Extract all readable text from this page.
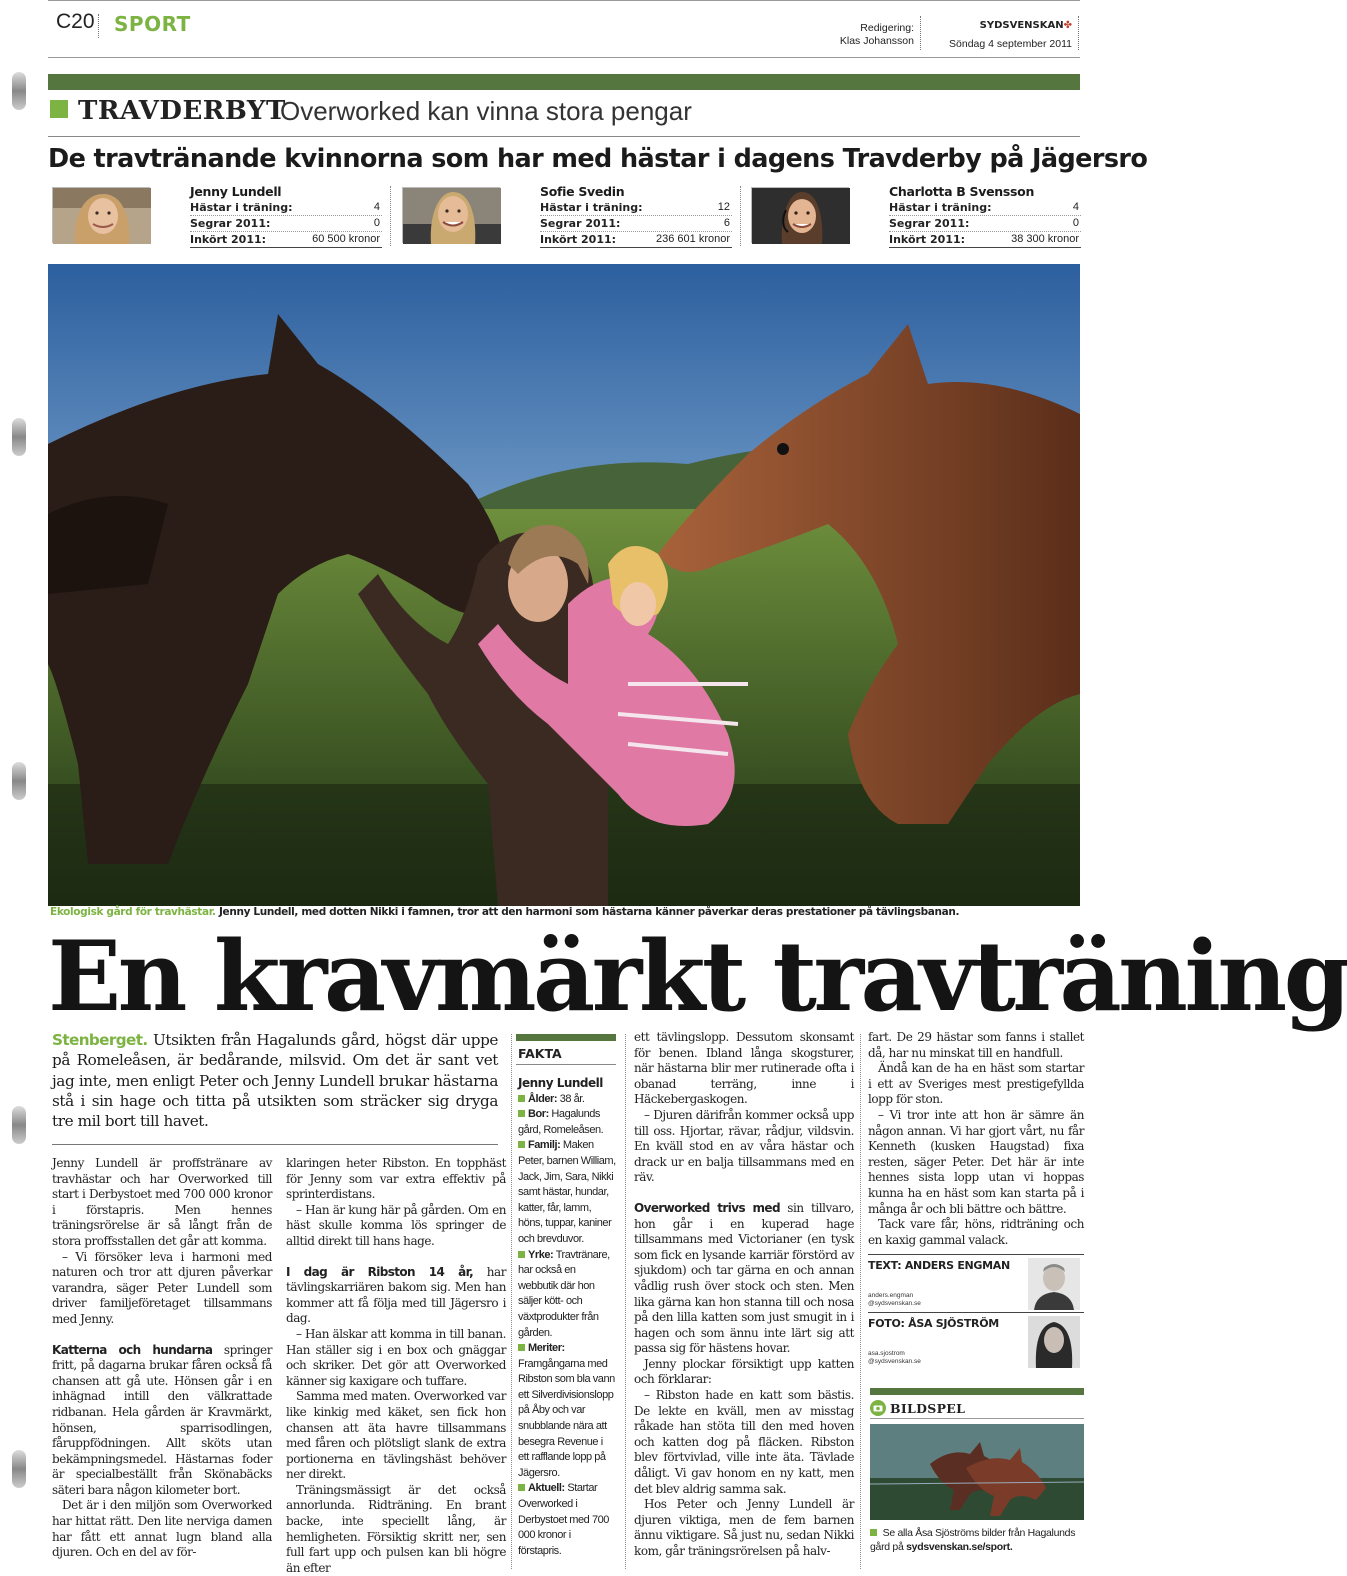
C20 SPORT	Redigering:
Klas Johansson
SYDSVENSKAN✤
Söndag 4 september 2011
TRAVDERBYT
Overworked kan vinna stora pengar
De travtränande kvinnorna som har med hästar i dagens Travderby på Jägersro
Jenny Lundell
Hästar i träning:	4
Segrar 2011:	0
Inkört 2011:	60 500 kronor
Sofie Svedin
Hästar i träning:	12
Segrar 2011:	6
Inkört 2011:	236 601 kronor
Charlotta B Svensson
Hästar i träning:	4
Segrar 2011:	0
Inkört 2011:	38 300 kronor
Ekologisk gård för travhästar. Jenny Lundell, med dotten Nikki i famnen, tror att den harmoni som hästarna känner påverkar deras prestationer på tävlingsbanan.
En kravmärkt travträning
Stenberget. Utsikten från Hagalunds gård, högst där uppe på Romeleåsen, är bedårande, milsvid. Om det är sant vet jag inte, men enligt Peter och Jenny Lundell brukar hästarna stå i sin hage och titta på utsikten som sträcker sig dryga tre mil bort till havet.

Jenny Lundell är proffstränare av travhästar och har Overworked till start i Derbystoet med 700 000 kronor i förstapris. Men hennes träningsrörelse är så långt från de stora proffsstallen det går att komma.

– Vi försöker leva i harmoni med naturen och tror att djuren påverkar varandra, säger Peter Lundell som driver familjeföretaget tillsammans med Jenny.

Katterna och hundarna springer fritt, på dagarna brukar fåren också få chansen att gå ute. Hönsen går i en inhägnad intill den välkrattade ridbanan. Hela gården är Kravmärkt, hönsen, sparrisodlingen, fåruppfödningen. Allt sköts utan bekämpningsmedel. Hästarnas foder är specialbeställt från Skönabäcks säteri bara någon kilometer bort.

Det är i den miljön som Overworked har hittat rätt. Den lite nerviga damen har fått ett annat lugn bland alla djuren. Och en del av för-

klaringen heter Ribston. En topphäst för Jenny som var extra effektiv på sprinterdistans.

– Han är kung här på gården. Om en häst skulle komma lös springer de alltid direkt till hans hage.

I dag är Ribston 14 år, har tävlingskarriären bakom sig. Men han kommer att få följa med till Jägersro i dag.

– Han älskar att komma in till banan. Han ställer sig i en box och gnäggar och skriker. Det gör att Overworked känner sig kaxigare och tuffare.

Samma med maten. Overworked var like kinkig med käket, sen fick hon chansen att äta havre tillsammans med fåren och plötsligt slank de extra portionerna en tävlingshäst behöver ner direkt.

Träningsmässigt är det också annorlunda. Ridträning. En brant backe, inte speciellt lång, är hemligheten. Försiktig skritt ner, sen full fart upp och pulsen kan bli högre än efter

FAKTA
Jenny Lundell
Ålder: 38 år.
Bor: Hagalunds gård, Romeleåsen.
Familj: Maken Peter, barnen William, Jack, Jim, Sara, Nikki samt hästar, hundar, katter, får, lamm, höns, tuppar, kaniner och brevduvor.
Yrke: Travtränare, har också en webbutik där hon säljer kött- och växtprodukter från gården.
Meriter: Framgångarna med Ribston som bla vann ett Silverdivisionslopp på Åby och var snubblande nära att besegra Revenue i ett rafflande lopp på Jägersro.
Aktuell: Startar Overworked i Derbystoet med 700 000 kronor i förstapris.

ett tävlingslopp. Dessutom skonsamt för benen. Ibland långa skogsturer, när hästarna blir mer rutinerade ofta i obanad terräng, inne i Häckebergaskogen.

– Djuren därifrån kommer också upp till oss. Hjortar, rävar, rådjur, vildsvin. En kväll stod en av våra hästar och drack ur en balja tillsammans med en räv.

Overworked trivs med sin tillvaro, hon går i en kuperad hage tillsammans med Victorianer (en tysk som fick en lysande karriär förstörd av sjukdom) och tar gärna en och annan vådlig rush över stock och sten. Men lika gärna kan hon stanna till och nosa på den lilla katten som just smugit in i hagen och som ännu inte lärt sig att passa sig för hästens hovar.

Jenny plockar försiktigt upp katten och förklarar:

– Ribston hade en katt som bästis. De lekte en kväll, men av misstag råkade han stöta till den med hoven och katten dog på fläcken. Ribston blev förtvivlad, ville inte äta. Tävlade dåligt. Vi gav honom en ny katt, men det blev aldrig samma sak.

Hos Peter och Jenny Lundell är djuren viktiga, men de fem barnen ännu viktigare. Så just nu, sedan Nikki kom, går träningsrörelsen på halv-

fart. De 29 hästar som fanns i stallet då, har nu minskat till en handfull.

Ändå kan de ha en häst som startar i ett av Sveriges mest prestigefyllda lopp för ston.

– Vi tror inte att hon är sämre än någon annan. Vi har gjort vårt, nu får Kenneth (kusken Haugstad) fixa resten, säger Peter. Det här är inte hennes sista lopp utan vi hoppas kunna ha en häst som kan starta på i många år och bli bättre och bättre.

Tack vare får, höns, ridträning och en kaxig gammal valack.

TEXT: ANDERS ENGMAN
anders.engman
@sydsvenskan.se
FOTO: ÅSA SJÖSTRÖM
asa.sjostrom
@sydsvenskan.se
BILDSPEL
Se alla Åsa Sjöströms bilder från Hagalunds gård på sydsvenskan.se/sport.
